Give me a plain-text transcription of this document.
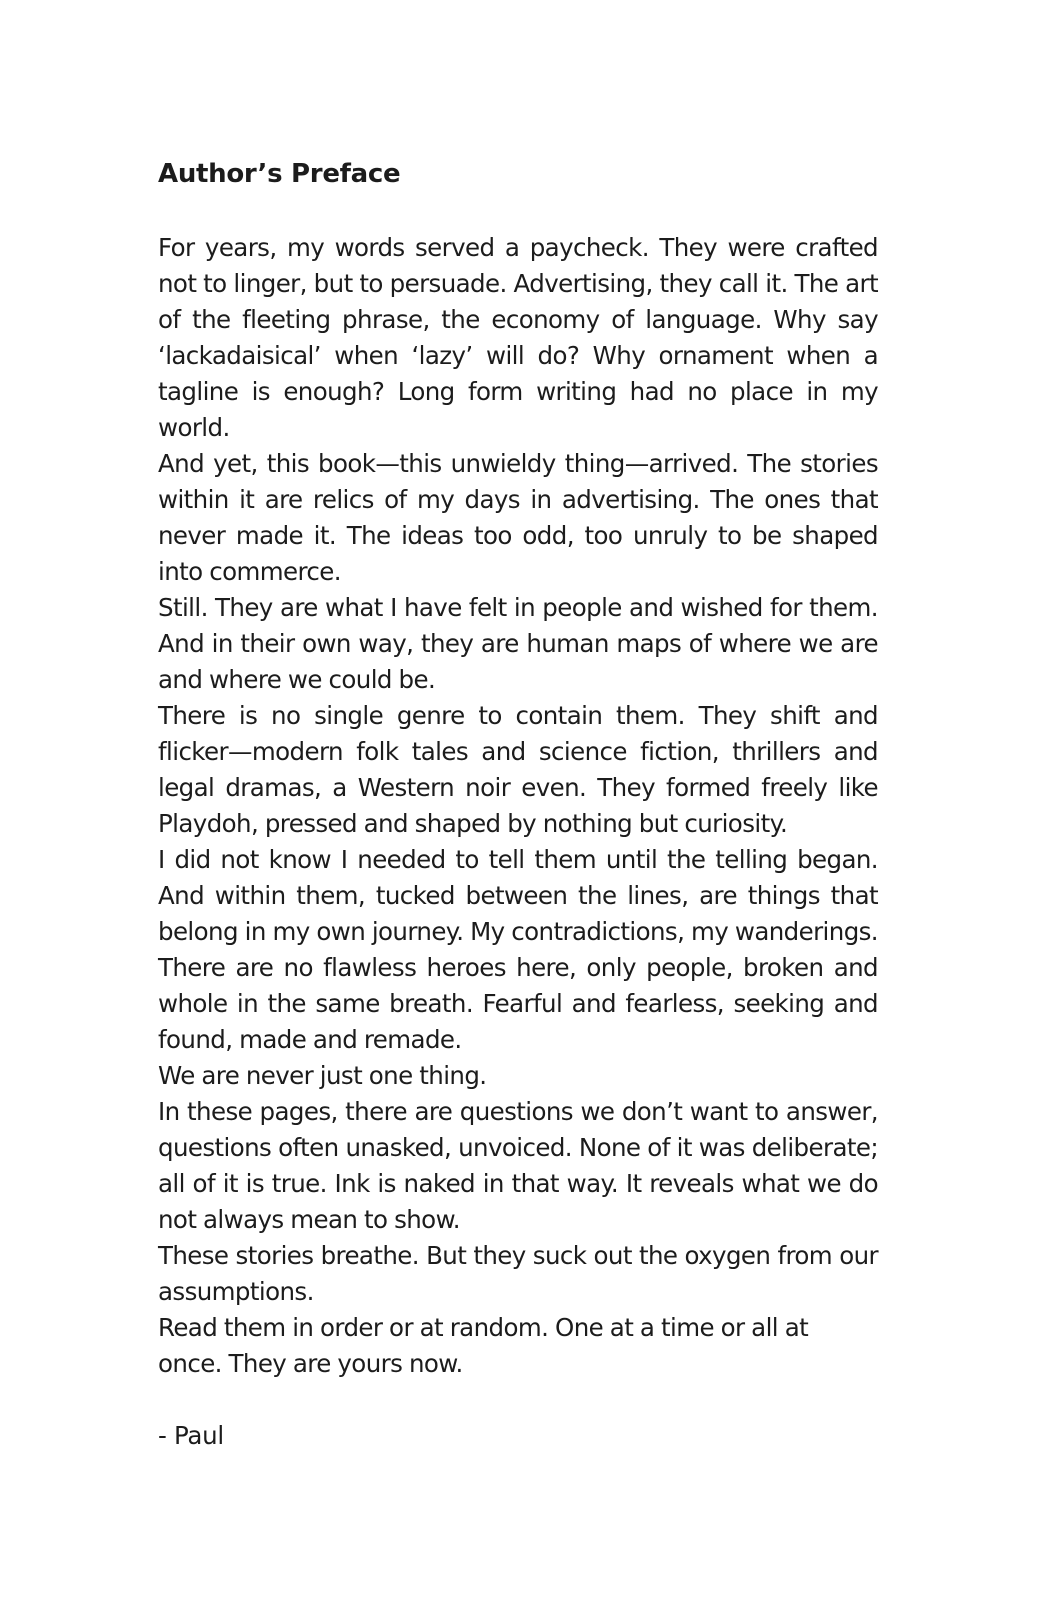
Author’s Preface

For years, my words served a paycheck. They were crafted not to linger, but to persuade. Advertising, they call it. The art of the fleeting phrase, the economy of language. Why say ‘lackadaisical’ when ‘lazy’ will do? Why ornament when a tagline is enough? Long form writing had no place in my world.

And yet, this book—this unwieldy thing—arrived. The stories within it are relics of my days in advertising. The ones that never made it. The ideas too odd, too unruly to be shaped into commerce.

Still. They are what I have felt in people and wished for them. And in their own way, they are human maps of where we are and where we could be.

There is no single genre to contain them. They shift and flicker—modern folk tales and science fiction, thrillers and legal dramas, a Western noir even. They formed freely like Playdoh, pressed and shaped by nothing but curiosity.

I did not know I needed to tell them until the telling began. And within them, tucked between the lines, are things that belong in my own journey. My contradictions, my wanderings. There are no flawless heroes here, only people, broken and whole in the same breath. Fearful and fearless, seeking and found, made and remade.

We are never just one thing.

In these pages, there are questions we don’t want to answer, questions often unasked, unvoiced. None of it was deliberate; all of it is true. Ink is naked in that way. It reveals what we do not always mean to show.

These stories breathe. But they suck out the oxygen from our assumptions.

Read them in order or at random. One at a time or all at once. They are yours now.

- Paul
